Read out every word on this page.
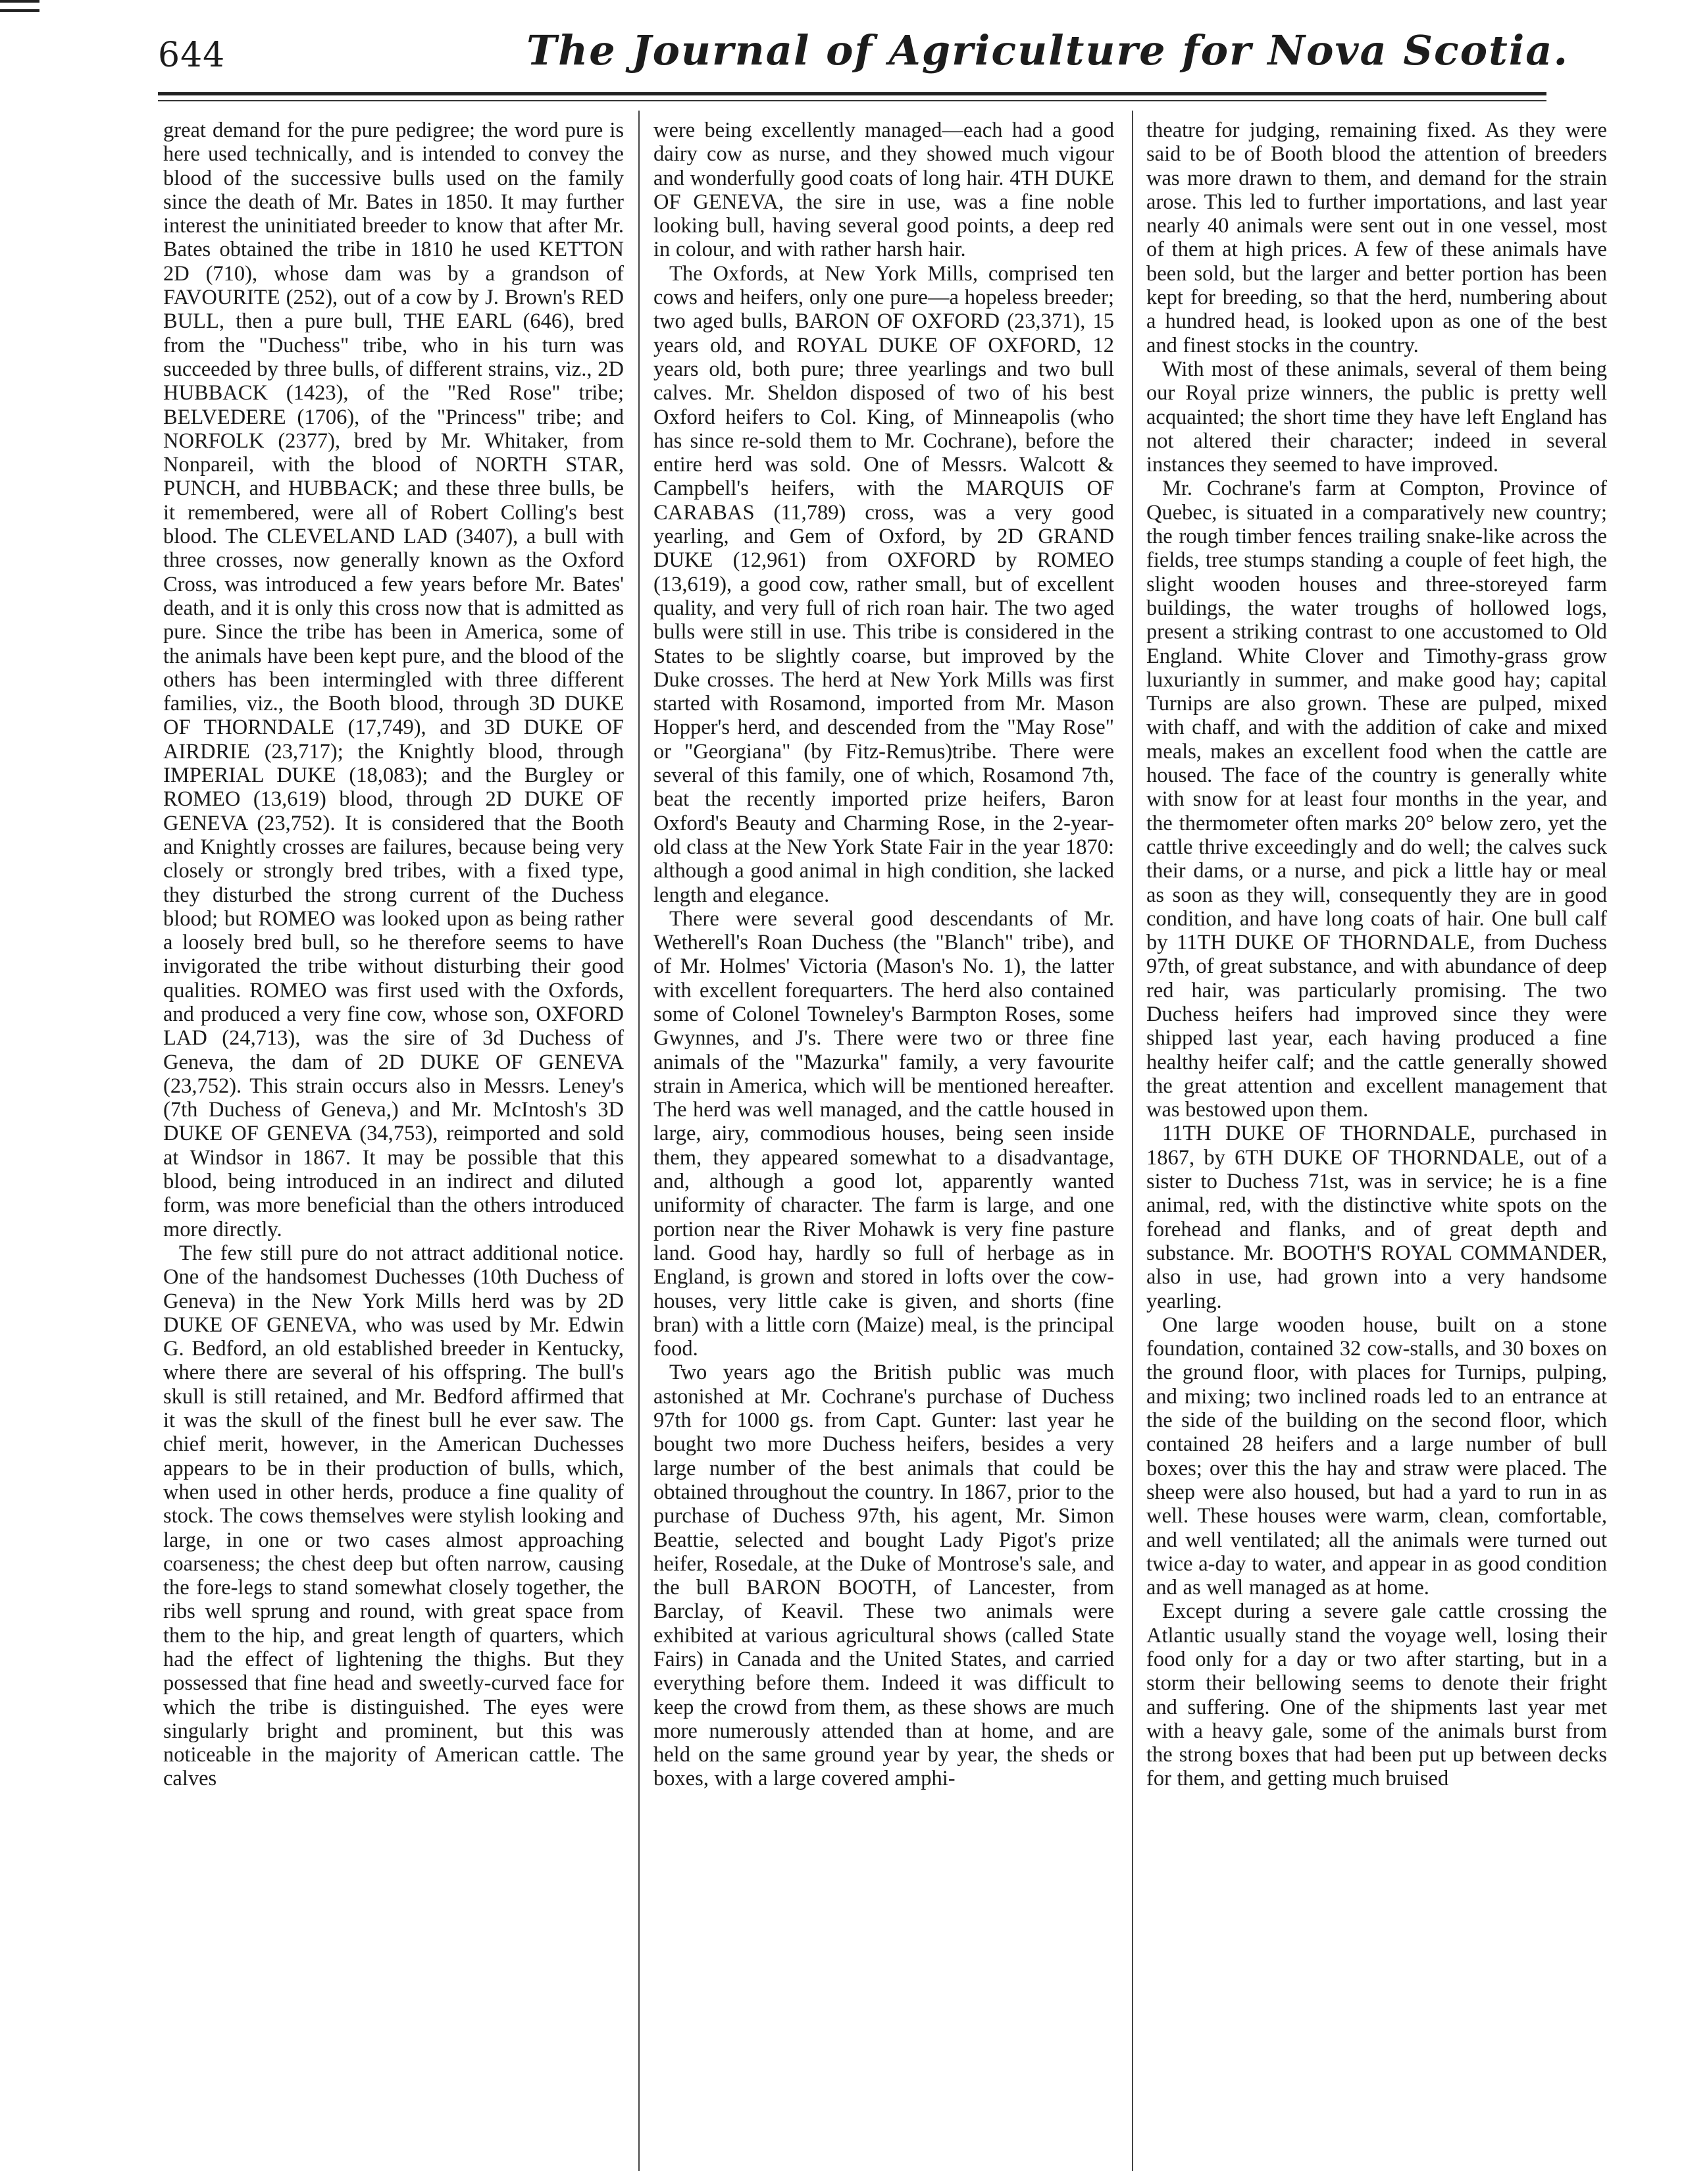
644	The Journal of Agriculture for Nova Scotia.

great demand for the pure pedigree; the word pure is here used technically, and is intended to convey the blood of the successive bulls used on the family since the death of Mr. Bates in 1850. It may further interest the uninitiated breeder to know that after Mr. Bates obtained the tribe in 1810 he used KETTON 2D (710), whose dam was by a grandson of FAVOURITE (252), out of a cow by J. Brown's RED BULL, then a pure bull, THE EARL (646), bred from the "Duchess" tribe, who in his turn was succeeded by three bulls, of different strains, viz., 2D HUBBACK (1423), of the "Red Rose" tribe; BELVEDERE (1706), of the "Princess" tribe; and NORFOLK (2377), bred by Mr. Whitaker, from Nonpareil, with the blood of NORTH STAR, PUNCH, and HUBBACK; and these three bulls, be it remembered, were all of Robert Colling's best blood. The CLEVELAND LAD (3407), a bull with three crosses, now generally known as the Oxford Cross, was introduced a few years before Mr. Bates' death, and it is only this cross now that is admitted as pure. Since the tribe has been in America, some of the animals have been kept pure, and the blood of the others has been intermingled with three different families, viz., the Booth blood, through 3D DUKE OF THORNDALE (17,749), and 3D DUKE OF AIRDRIE (23,717); the Knightly blood, through IMPERIAL DUKE (18,083); and the Burgley or ROMEO (13,619) blood, through 2D DUKE OF GENEVA (23,752). It is considered that the Booth and Knightly crosses are failures, because being very closely or strongly bred tribes, with a fixed type, they disturbed the strong current of the Duchess blood; but ROMEO was looked upon as being rather a loosely bred bull, so he therefore seems to have invigorated the tribe without disturbing their good qualities. ROMEO was first used with the Oxfords, and produced a very fine cow, whose son, OXFORD LAD (24,713), was the sire of 3d Duchess of Geneva, the dam of 2D DUKE OF GENEVA (23,752). This strain occurs also in Messrs. Leney's (7th Duchess of Geneva,) and Mr. McIntosh's 3D DUKE OF GENEVA (34,753), reimported and sold at Windsor in 1867. It may be possible that this blood, being introduced in an indirect and diluted form, was more beneficial than the others introduced more directly.

The few still pure do not attract additional notice. One of the handsomest Duchesses (10th Duchess of Geneva) in the New York Mills herd was by 2D DUKE OF GENEVA, who was used by Mr. Edwin G. Bedford, an old established breeder in Kentucky, where there are several of his offspring. The bull's skull is still retained, and Mr. Bedford affirmed that it was the skull of the finest bull he ever saw. The chief merit, however, in the American Duchesses appears to be in their production of bulls, which, when used in other herds, produce a fine quality of stock. The cows themselves were stylish looking and large, in one or two cases almost approaching coarseness; the chest deep but often narrow, causing the fore-legs to stand somewhat closely together, the ribs well sprung and round, with great space from them to the hip, and great length of quarters, which had the effect of lightening the thighs. But they possessed that fine head and sweetly-curved face for which the tribe is distinguished. The eyes were singularly bright and prominent, but this was noticeable in the majority of American cattle. The calves

were being excellently managed—each had a good dairy cow as nurse, and they showed much vigour and wonderfully good coats of long hair. 4TH DUKE OF GENEVA, the sire in use, was a fine noble looking bull, having several good points, a deep red in colour, and with rather harsh hair.

The Oxfords, at New York Mills, comprised ten cows and heifers, only one pure—a hopeless breeder; two aged bulls, BARON OF OXFORD (23,371), 15 years old, and ROYAL DUKE OF OXFORD, 12 years old, both pure; three yearlings and two bull calves. Mr. Sheldon disposed of two of his best Oxford heifers to Col. King, of Minneapolis (who has since re-sold them to Mr. Cochrane), before the entire herd was sold. One of Messrs. Walcott & Campbell's heifers, with the MARQUIS OF CARABAS (11,789) cross, was a very good yearling, and Gem of Oxford, by 2D GRAND DUKE (12,961) from OXFORD by ROMEO (13,619), a good cow, rather small, but of excellent quality, and very full of rich roan hair. The two aged bulls were still in use. This tribe is considered in the States to be slightly coarse, but improved by the Duke crosses. The herd at New York Mills was first started with Rosamond, imported from Mr. Mason Hopper's herd, and descended from the "May Rose" or "Georgiana" (by Fitz-Remus)tribe. There were several of this family, one of which, Rosamond 7th, beat the recently imported prize heifers, Baron Oxford's Beauty and Charming Rose, in the 2-year-old class at the New York State Fair in the year 1870: although a good animal in high condition, she lacked length and elegance.

There were several good descendants of Mr. Wetherell's Roan Duchess (the "Blanch" tribe), and of Mr. Holmes' Victoria (Mason's No. 1), the latter with excellent forequarters. The herd also contained some of Colonel Towneley's Barmpton Roses, some Gwynnes, and J's. There were two or three fine animals of the "Mazurka" family, a very favourite strain in America, which will be mentioned hereafter. The herd was well managed, and the cattle housed in large, airy, commodious houses, being seen inside them, they appeared somewhat to a disadvantage, and, although a good lot, apparently wanted uniformity of character. The farm is large, and one portion near the River Mohawk is very fine pasture land. Good hay, hardly so full of herbage as in England, is grown and stored in lofts over the cow-houses, very little cake is given, and shorts (fine bran) with a little corn (Maize) meal, is the principal food.

Two years ago the British public was much astonished at Mr. Cochrane's purchase of Duchess 97th for 1000 gs. from Capt. Gunter: last year he bought two more Duchess heifers, besides a very large number of the best animals that could be obtained throughout the country. In 1867, prior to the purchase of Duchess 97th, his agent, Mr. Simon Beattie, selected and bought Lady Pigot's prize heifer, Rosedale, at the Duke of Montrose's sale, and the bull BARON BOOTH, of Lancester, from Barclay, of Keavil. These two animals were exhibited at various agricultural shows (called State Fairs) in Canada and the United States, and carried everything before them. Indeed it was difficult to keep the crowd from them, as these shows are much more numerously attended than at home, and are held on the same ground year by year, the sheds or boxes, with a large covered amphi-

theatre for judging, remaining fixed. As they were said to be of Booth blood the attention of breeders was more drawn to them, and demand for the strain arose. This led to further importations, and last year nearly 40 animals were sent out in one vessel, most of them at high prices. A few of these animals have been sold, but the larger and better portion has been kept for breeding, so that the herd, numbering about a hundred head, is looked upon as one of the best and finest stocks in the country.

With most of these animals, several of them being our Royal prize winners, the public is pretty well acquainted; the short time they have left England has not altered their character; indeed in several instances they seemed to have improved.

Mr. Cochrane's farm at Compton, Province of Quebec, is situated in a comparatively new country; the rough timber fences trailing snake-like across the fields, tree stumps standing a couple of feet high, the slight wooden houses and three-storeyed farm buildings, the water troughs of hollowed logs, present a striking contrast to one accustomed to Old England. White Clover and Timothy-grass grow luxuriantly in summer, and make good hay; capital Turnips are also grown. These are pulped, mixed with chaff, and with the addition of cake and mixed meals, makes an excellent food when the cattle are housed. The face of the country is generally white with snow for at least four months in the year, and the thermometer often marks 20° below zero, yet the cattle thrive exceedingly and do well; the calves suck their dams, or a nurse, and pick a little hay or meal as soon as they will, consequently they are in good condition, and have long coats of hair. One bull calf by 11TH DUKE OF THORNDALE, from Duchess 97th, of great substance, and with abundance of deep red hair, was particularly promising. The two Duchess heifers had improved since they were shipped last year, each having produced a fine healthy heifer calf; and the cattle generally showed the great attention and excellent management that was bestowed upon them.

11TH DUKE OF THORNDALE, purchased in 1867, by 6TH DUKE OF THORNDALE, out of a sister to Duchess 71st, was in service; he is a fine animal, red, with the distinctive white spots on the forehead and flanks, and of great depth and substance. Mr. BOOTH'S ROYAL COMMANDER, also in use, had grown into a very handsome yearling.

One large wooden house, built on a stone foundation, contained 32 cow-stalls, and 30 boxes on the ground floor, with places for Turnips, pulping, and mixing; two inclined roads led to an entrance at the side of the building on the second floor, which contained 28 heifers and a large number of bull boxes; over this the hay and straw were placed. The sheep were also housed, but had a yard to run in as well. These houses were warm, clean, comfortable, and well ventilated; all the animals were turned out twice a-day to water, and appear in as good condition and as well managed as at home.

Except during a severe gale cattle crossing the Atlantic usually stand the voyage well, losing their food only for a day or two after starting, but in a storm their bellowing seems to denote their fright and suffering. One of the shipments last year met with a heavy gale, some of the animals burst from the strong boxes that had been put up between decks for them, and getting much bruised
